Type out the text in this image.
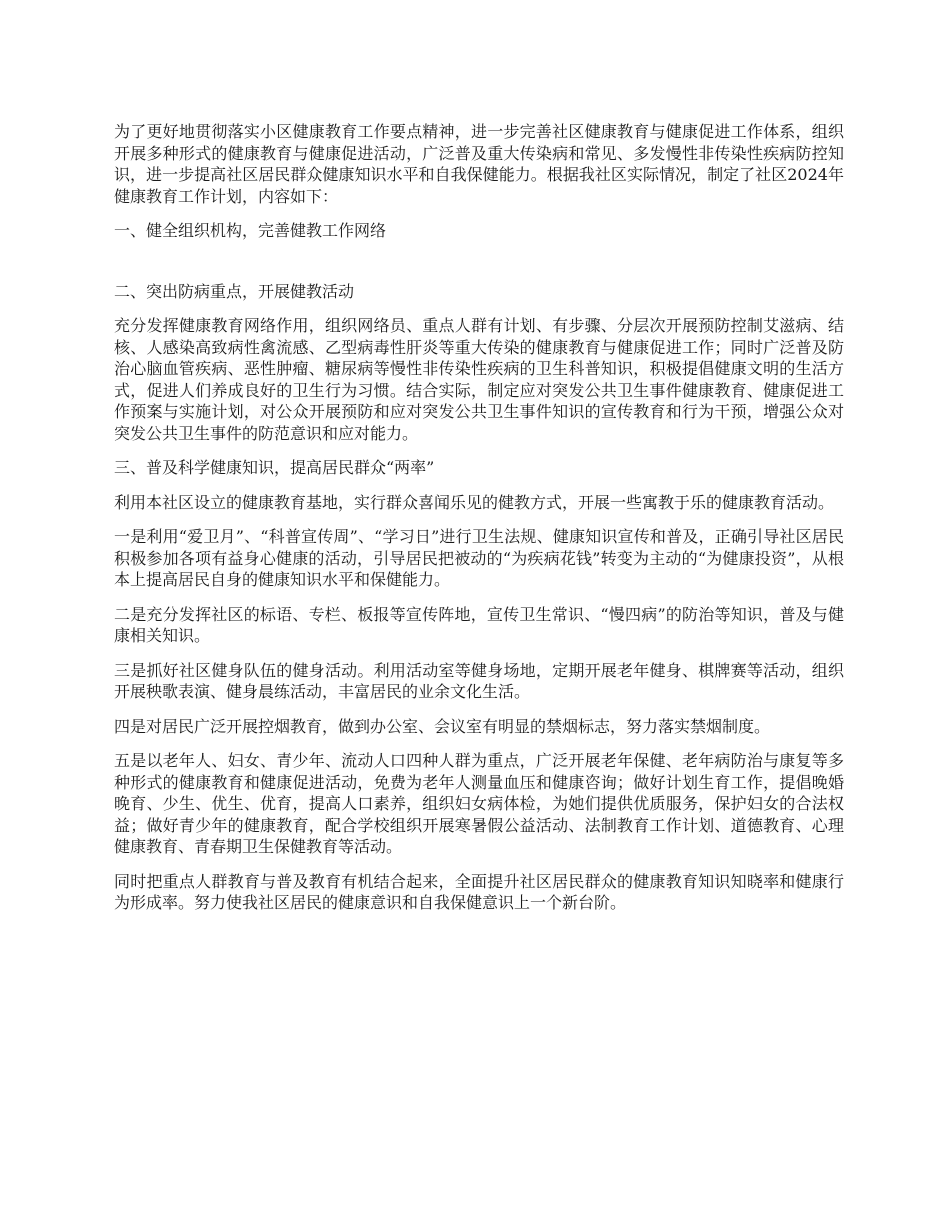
为了更好地贯彻落实小区健康教育工作要点精神，进一步完善社区健康教育与健康促进工作体系，组织开展多种形式的健康教育与健康促进活动，广泛普及重大传染病和常见、多发慢性非传染性疾病防控知识，进一步提高社区居民群众健康知识水平和自我保健能力。根据我社区实际情况，制定了社区2024年健康教育工作计划，内容如下：

一、健全组织机构，完善健教工作网络

二、突出防病重点，开展健教活动

充分发挥健康教育网络作用，组织网络员、重点人群有计划、有步骤、分层次开展预防控制艾滋病、结核、人感染高致病性禽流感、乙型病毒性肝炎等重大传染的健康教育与健康促进工作；同时广泛普及防治心脑血管疾病、恶性肿瘤、糖尿病等慢性非传染性疾病的卫生科普知识，积极提倡健康文明的生活方式，促进人们养成良好的卫生行为习惯。结合实际，制定应对突发公共卫生事件健康教育、健康促进工作预案与实施计划，对公众开展预防和应对突发公共卫生事件知识的宣传教育和行为干预，增强公众对突发公共卫生事件的防范意识和应对能力。

三、普及科学健康知识，提高居民群众“两率”

利用本社区设立的健康教育基地，实行群众喜闻乐见的健教方式，开展一些寓教于乐的健康教育活动。

一是利用“爱卫月”、“科普宣传周”、“学习日”进行卫生法规、健康知识宣传和普及，正确引导社区居民积极参加各项有益身心健康的活动，引导居民把被动的“为疾病花钱”转变为主动的“为健康投资”，从根本上提高居民自身的健康知识水平和保健能力。

二是充分发挥社区的标语、专栏、板报等宣传阵地，宣传卫生常识、“慢四病”的防治等知识，普及与健康相关知识。

三是抓好社区健身队伍的健身活动。利用活动室等健身场地，定期开展老年健身、棋牌赛等活动，组织开展秧歌表演、健身晨练活动，丰富居民的业余文化生活。

四是对居民广泛开展控烟教育，做到办公室、会议室有明显的禁烟标志，努力落实禁烟制度。

五是以老年人、妇女、青少年、流动人口四种人群为重点，广泛开展老年保健、老年病防治与康复等多种形式的健康教育和健康促进活动，免费为老年人测量血压和健康咨询；做好计划生育工作，提倡晚婚晚育、少生、优生、优育，提高人口素养，组织妇女病体检，为她们提供优质服务，保护妇女的合法权益；做好青少年的健康教育，配合学校组织开展寒暑假公益活动、法制教育工作计划、道德教育、心理健康教育、青春期卫生保健教育等活动。

同时把重点人群教育与普及教育有机结合起来，全面提升社区居民群众的健康教育知识知晓率和健康行为形成率。努力使我社区居民的健康意识和自我保健意识上一个新台阶。
